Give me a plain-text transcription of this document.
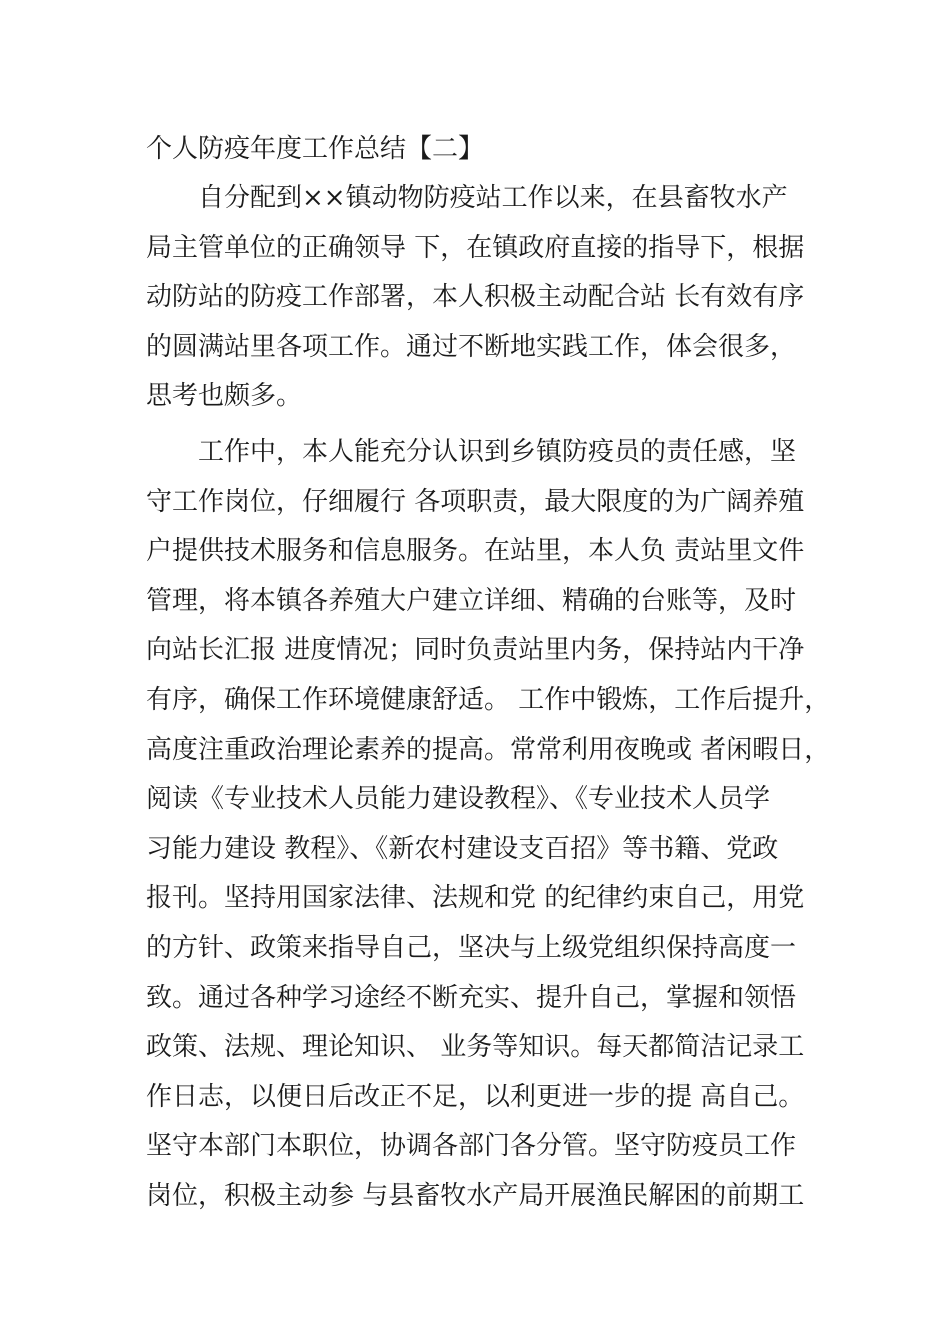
个人防疫年度工作总结【二】
自分配到××镇动物防疫站工作以来，在县畜牧水产
局主管单位的正确领导 下，在镇政府直接的指导下，根据
动防站的防疫工作部署，本人积极主动配合站 长有效有序
的圆满站里各项工作。通过不断地实践工作，体会很多，
思考也颇多。
工作中，本人能充分认识到乡镇防疫员的责任感，坚
守工作岗位，仔细履行 各项职责，最大限度的为广阔养殖
户提供技术服务和信息服务。在站里，本人负 责站里文件
管理，将本镇各养殖大户建立详细、精确的台账等，及时
向站长汇报 进度情况；同时负责站里内务，保持站内干净
有序，确保工作环境健康舒适。 工作中锻炼，工作后提升，
高度注重政治理论素养的提高。常常利用夜晚或 者闲暇日，
阅读《专业技术人员能力建设教程》、《专业技术人员学
习能力建设 教程》、《新农村建设支百招》等书籍、党政
报刊。坚持用国家法律、法规和党 的纪律约束自己，用党
的方针、政策来指导自己，坚决与上级党组织保持高度一
致。通过各种学习途经不断充实、提升自己，掌握和领悟
政策、法规、理论知识、 业务等知识。每天都简洁记录工
作日志，以便日后改正不足，以利更进一步的提 高自己。
坚守本部门本职位，协调各部门各分管。坚守防疫员工作
岗位，积极主动参 与县畜牧水产局开展渔民解困的前期工
